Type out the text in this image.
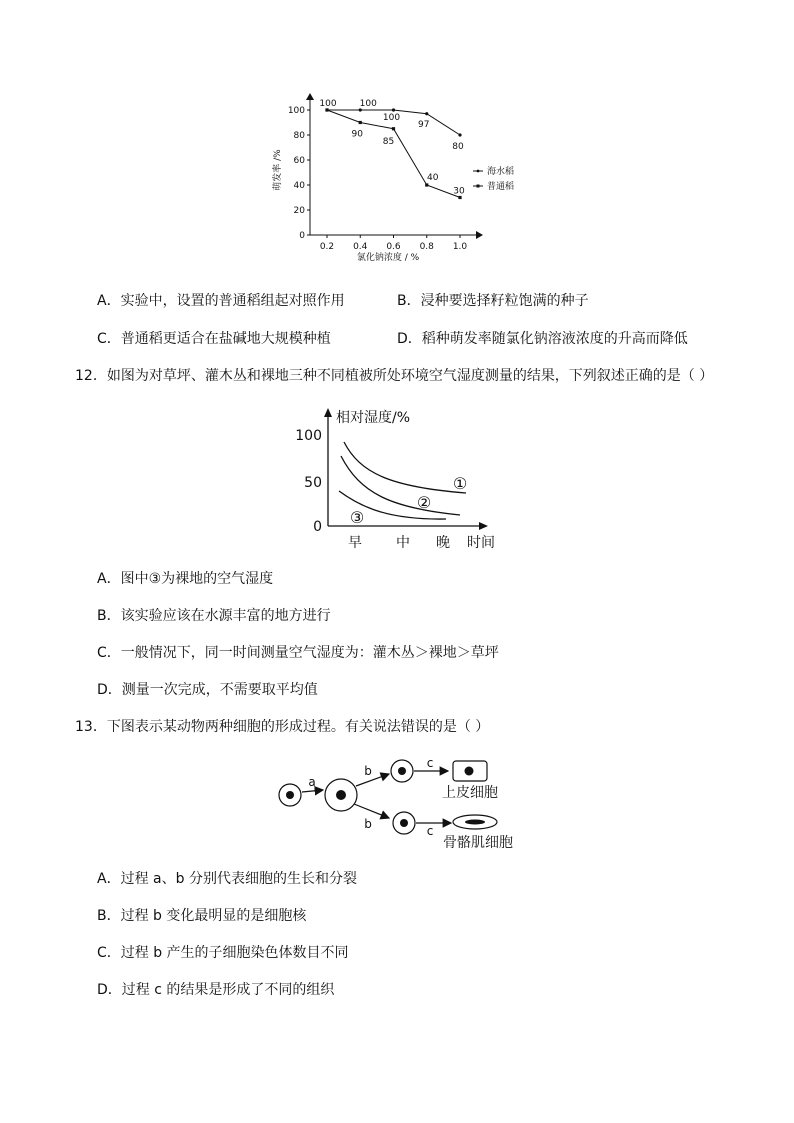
0
20
40
60
80
100
0.2 0.4 0.6 0.8 1.0
100	100
100
97
80
90
85
40
30
萌发率 /%
氯化钠浓度 / %
海水稻
普通稻
A．实验中，设置的普通稻组起对照作用	B．浸种要选择籽粒饱满的种子
C．普通稻更适合在盐碱地大规模种植	D．稻种萌发率随氯化钠溶液浓度的升高而降低
12．如图为对草坪、灌木丛和裸地三种不同植被所处环境空气湿度测量的结果，下列叙述正确的是（ ）
相对湿度/%
100
50
0
早 中 晚 时间
①
②
③
A．图中③为裸地的空气湿度
B．该实验应该在水源丰富的地方进行
C．一般情况下，同一时间测量空气湿度为：灌木丛＞裸地＞草坪
D．测量一次完成，不需要取平均值
13．下图表示某动物两种细胞的形成过程。有关说法错误的是（ ）
a
b
b
c
c
上皮细胞
骨骼肌细胞
A．过程 a、b 分别代表细胞的生长和分裂
B．过程 b 变化最明显的是细胞核
C．过程 b 产生的子细胞染色体数目不同
D．过程 c 的结果是形成了不同的组织
